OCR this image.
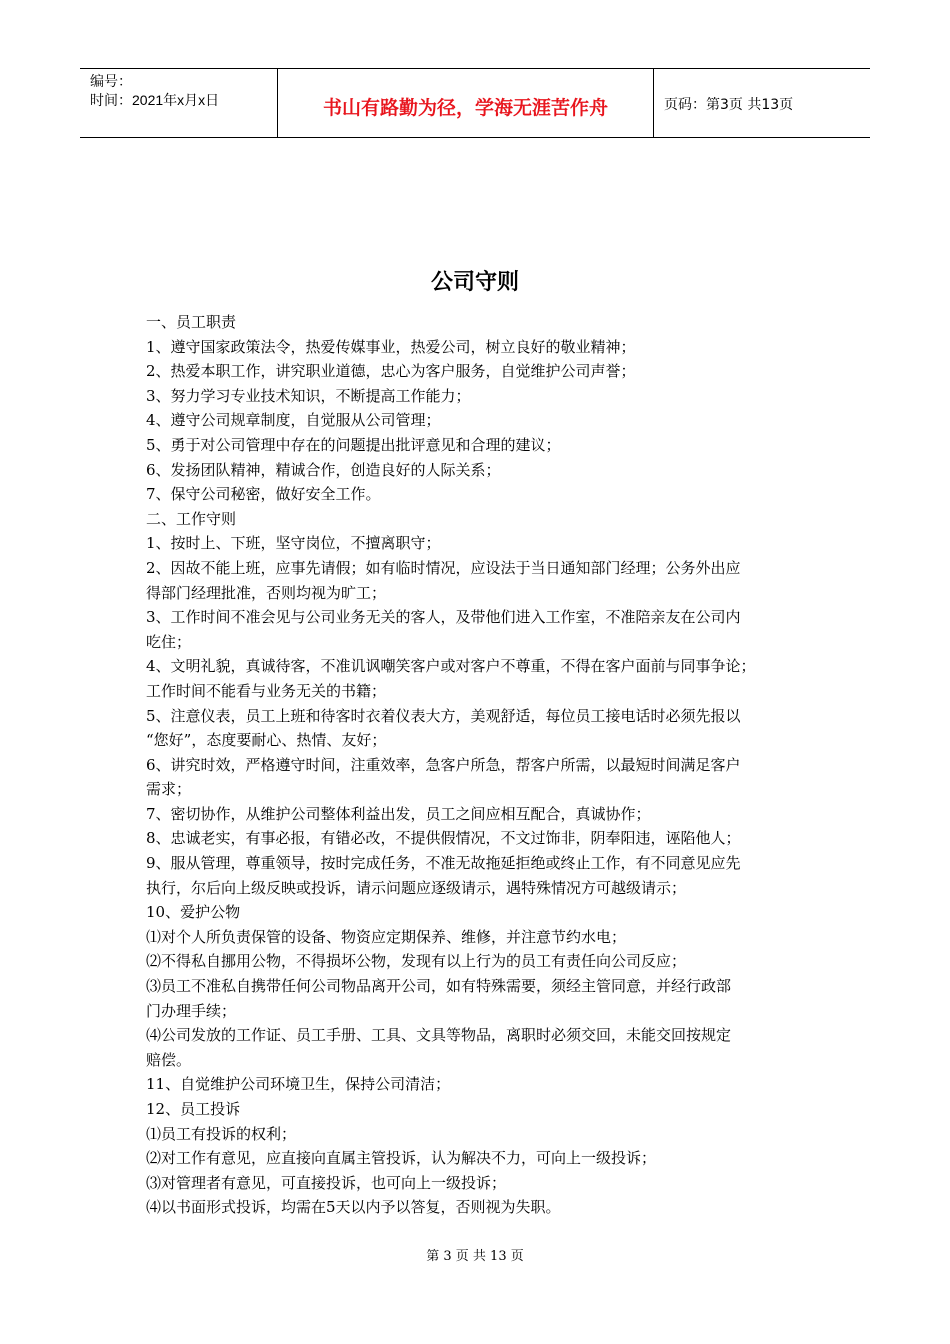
编号：
时间：2021年x月x日	书山有路勤为径，学海无涯苦作舟	页码：第3页 共13页
公司守则
一、员工职责
1、遵守国家政策法令，热爱传媒事业，热爱公司，树立良好的敬业精神；
2、热爱本职工作，讲究职业道德，忠心为客户服务，自觉维护公司声誉；
3、努力学习专业技术知识，不断提高工作能力；
4、遵守公司规章制度，自觉服从公司管理；
5、勇于对公司管理中存在的问题提出批评意见和合理的建议；
6、发扬团队精神，精诚合作，创造良好的人际关系；
7、保守公司秘密，做好安全工作。
二、工作守则
1、按时上、下班，坚守岗位，不擅离职守；
2、因故不能上班，应事先请假；如有临时情况，应设法于当日通知部门经理；公务外出应
得部门经理批准，否则均视为旷工；
3、工作时间不准会见与公司业务无关的客人，及带他们进入工作室，不准陪亲友在公司内
吃住；
4、文明礼貌，真诚待客，不准讥讽嘲笑客户或对客户不尊重，不得在客户面前与同事争论；
工作时间不能看与业务无关的书籍；
5、注意仪表，员工上班和待客时衣着仪表大方，美观舒适，每位员工接电话时必须先报以
“您好”，态度要耐心、热情、友好；
6、讲究时效，严格遵守时间，注重效率，急客户所急，帮客户所需，以最短时间满足客户
需求；
7、密切协作，从维护公司整体利益出发，员工之间应相互配合，真诚协作；
8、忠诚老实，有事必报，有错必改，不提供假情况，不文过饰非，阴奉阳违，诬陷他人；
9、服从管理，尊重领导，按时完成任务，不准无故拖延拒绝或终止工作，有不同意见应先
执行，尔后向上级反映或投诉，请示问题应逐级请示，遇特殊情况方可越级请示；
10、爱护公物
⑴对个人所负责保管的设备、物资应定期保养、维修，并注意节约水电；
⑵不得私自挪用公物，不得损坏公物，发现有以上行为的员工有责任向公司反应；
⑶员工不准私自携带任何公司物品离开公司，如有特殊需要，须经主管同意，并经行政部
门办理手续；
⑷公司发放的工作证、员工手册、工具、文具等物品，离职时必须交回，未能交回按规定
赔偿。
11、自觉维护公司环境卫生，保持公司清洁；
12、员工投诉
⑴员工有投诉的权利；
⑵对工作有意见，应直接向直属主管投诉，认为解决不力，可向上一级投诉；
⑶对管理者有意见，可直接投诉，也可向上一级投诉；
⑷以书面形式投诉，均需在5天以内予以答复，否则视为失职。
第 3 页 共 13 页
